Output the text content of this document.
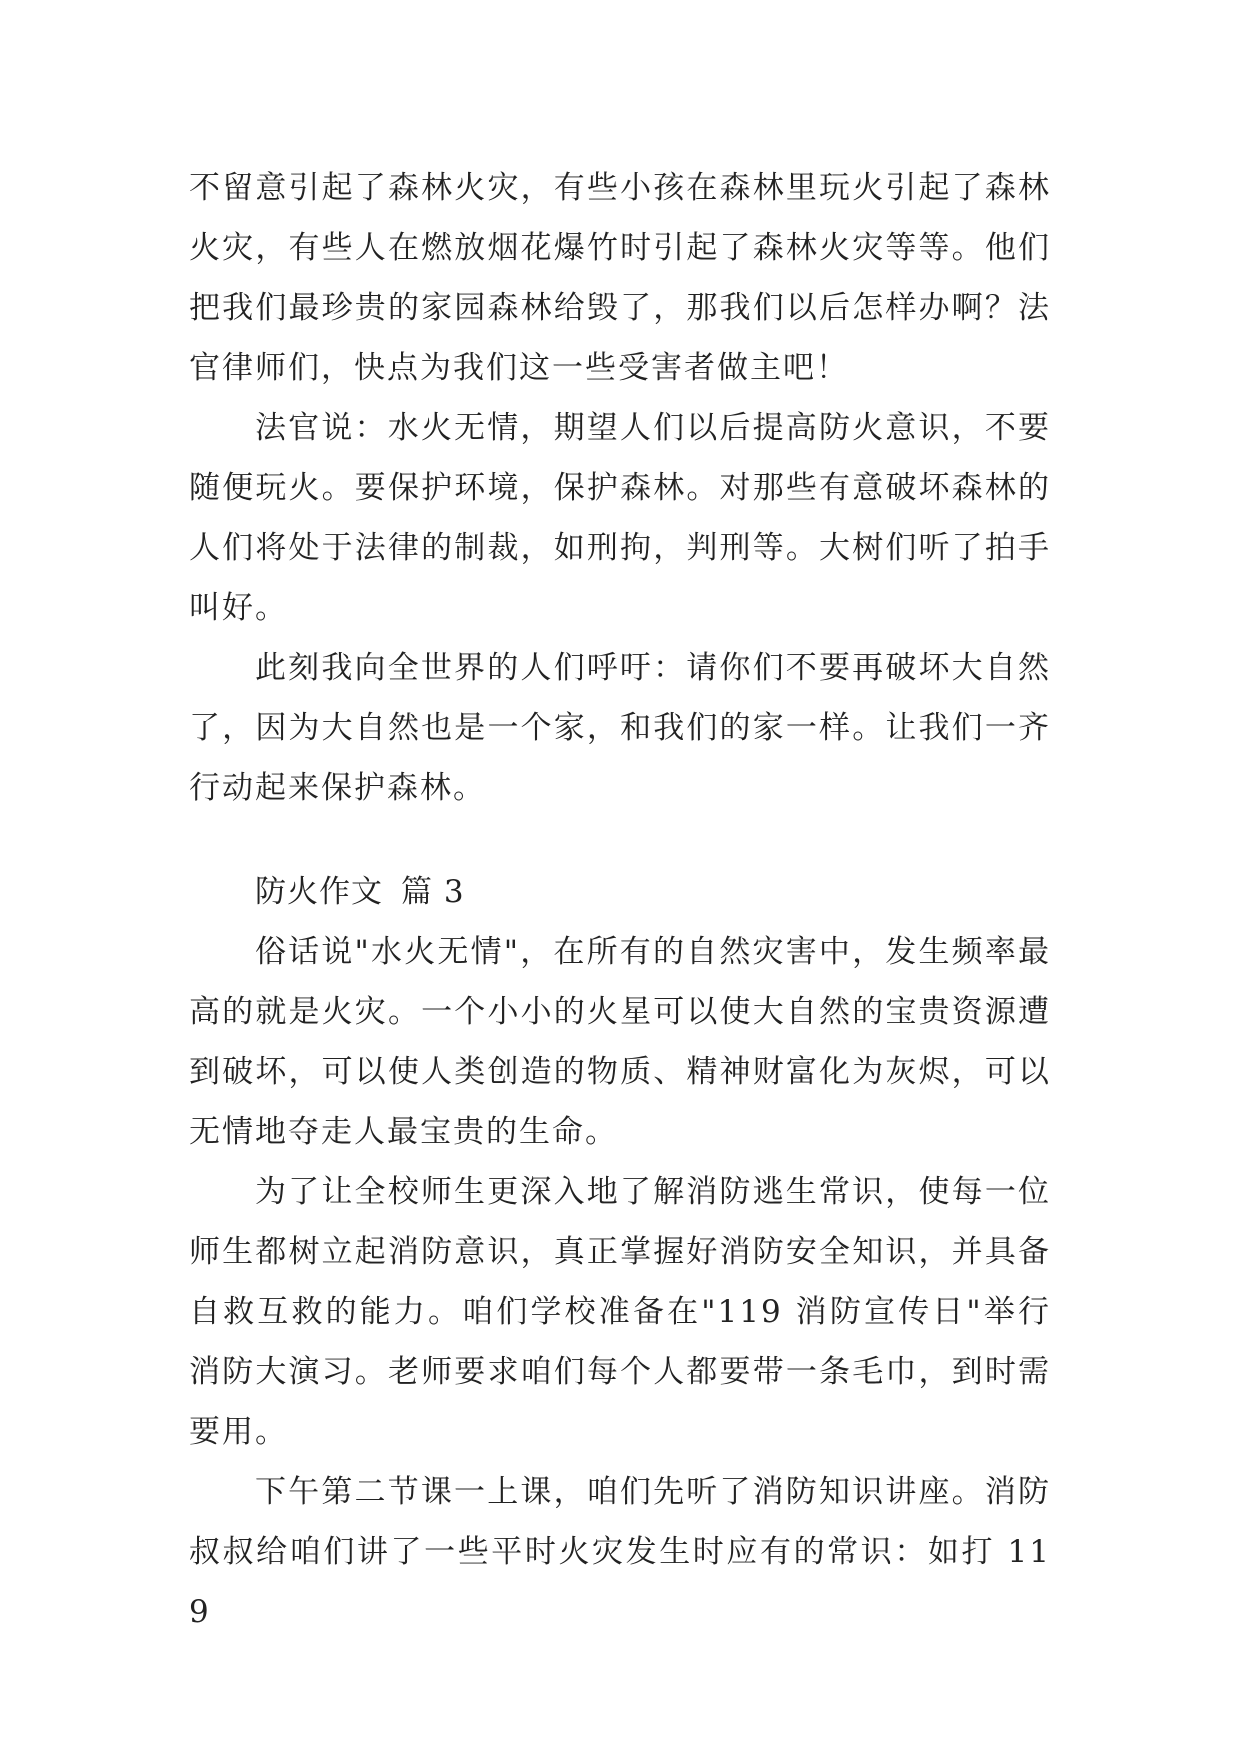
不留意引起了森林火灾，有些小孩在森林里玩火引起了森林火灾，有些人在燃放烟花爆竹时引起了森林火灾等等。他们把我们最珍贵的家园森林给毁了，那我们以后怎样办啊？法官律师们，快点为我们这一些受害者做主吧！

法官说：水火无情，期望人们以后提高防火意识，不要随便玩火。要保护环境，保护森林。对那些有意破坏森林的人们将处于法律的制裁，如刑拘，判刑等。大树们听了拍手叫好。

此刻我向全世界的人们呼吁：请你们不要再破坏大自然了，因为大自然也是一个家，和我们的家一样。让我们一齐行动起来保护森林。

防火作文 篇 3

俗话说"水火无情"，在所有的自然灾害中，发生频率最高的就是火灾。一个小小的火星可以使大自然的宝贵资源遭到破坏，可以使人类创造的物质、精神财富化为灰烬，可以无情地夺走人最宝贵的生命。

为了让全校师生更深入地了解消防逃生常识，使每一位师生都树立起消防意识，真正掌握好消防安全知识，并具备自救互救的能力。咱们学校准备在"119 消防宣传日"举行消防大演习。老师要求咱们每个人都要带一条毛巾，到时需要用。

下午第二节课一上课，咱们先听了消防知识讲座。消防叔叔给咱们讲了一些平时火灾发生时应有的常识：如打 119
